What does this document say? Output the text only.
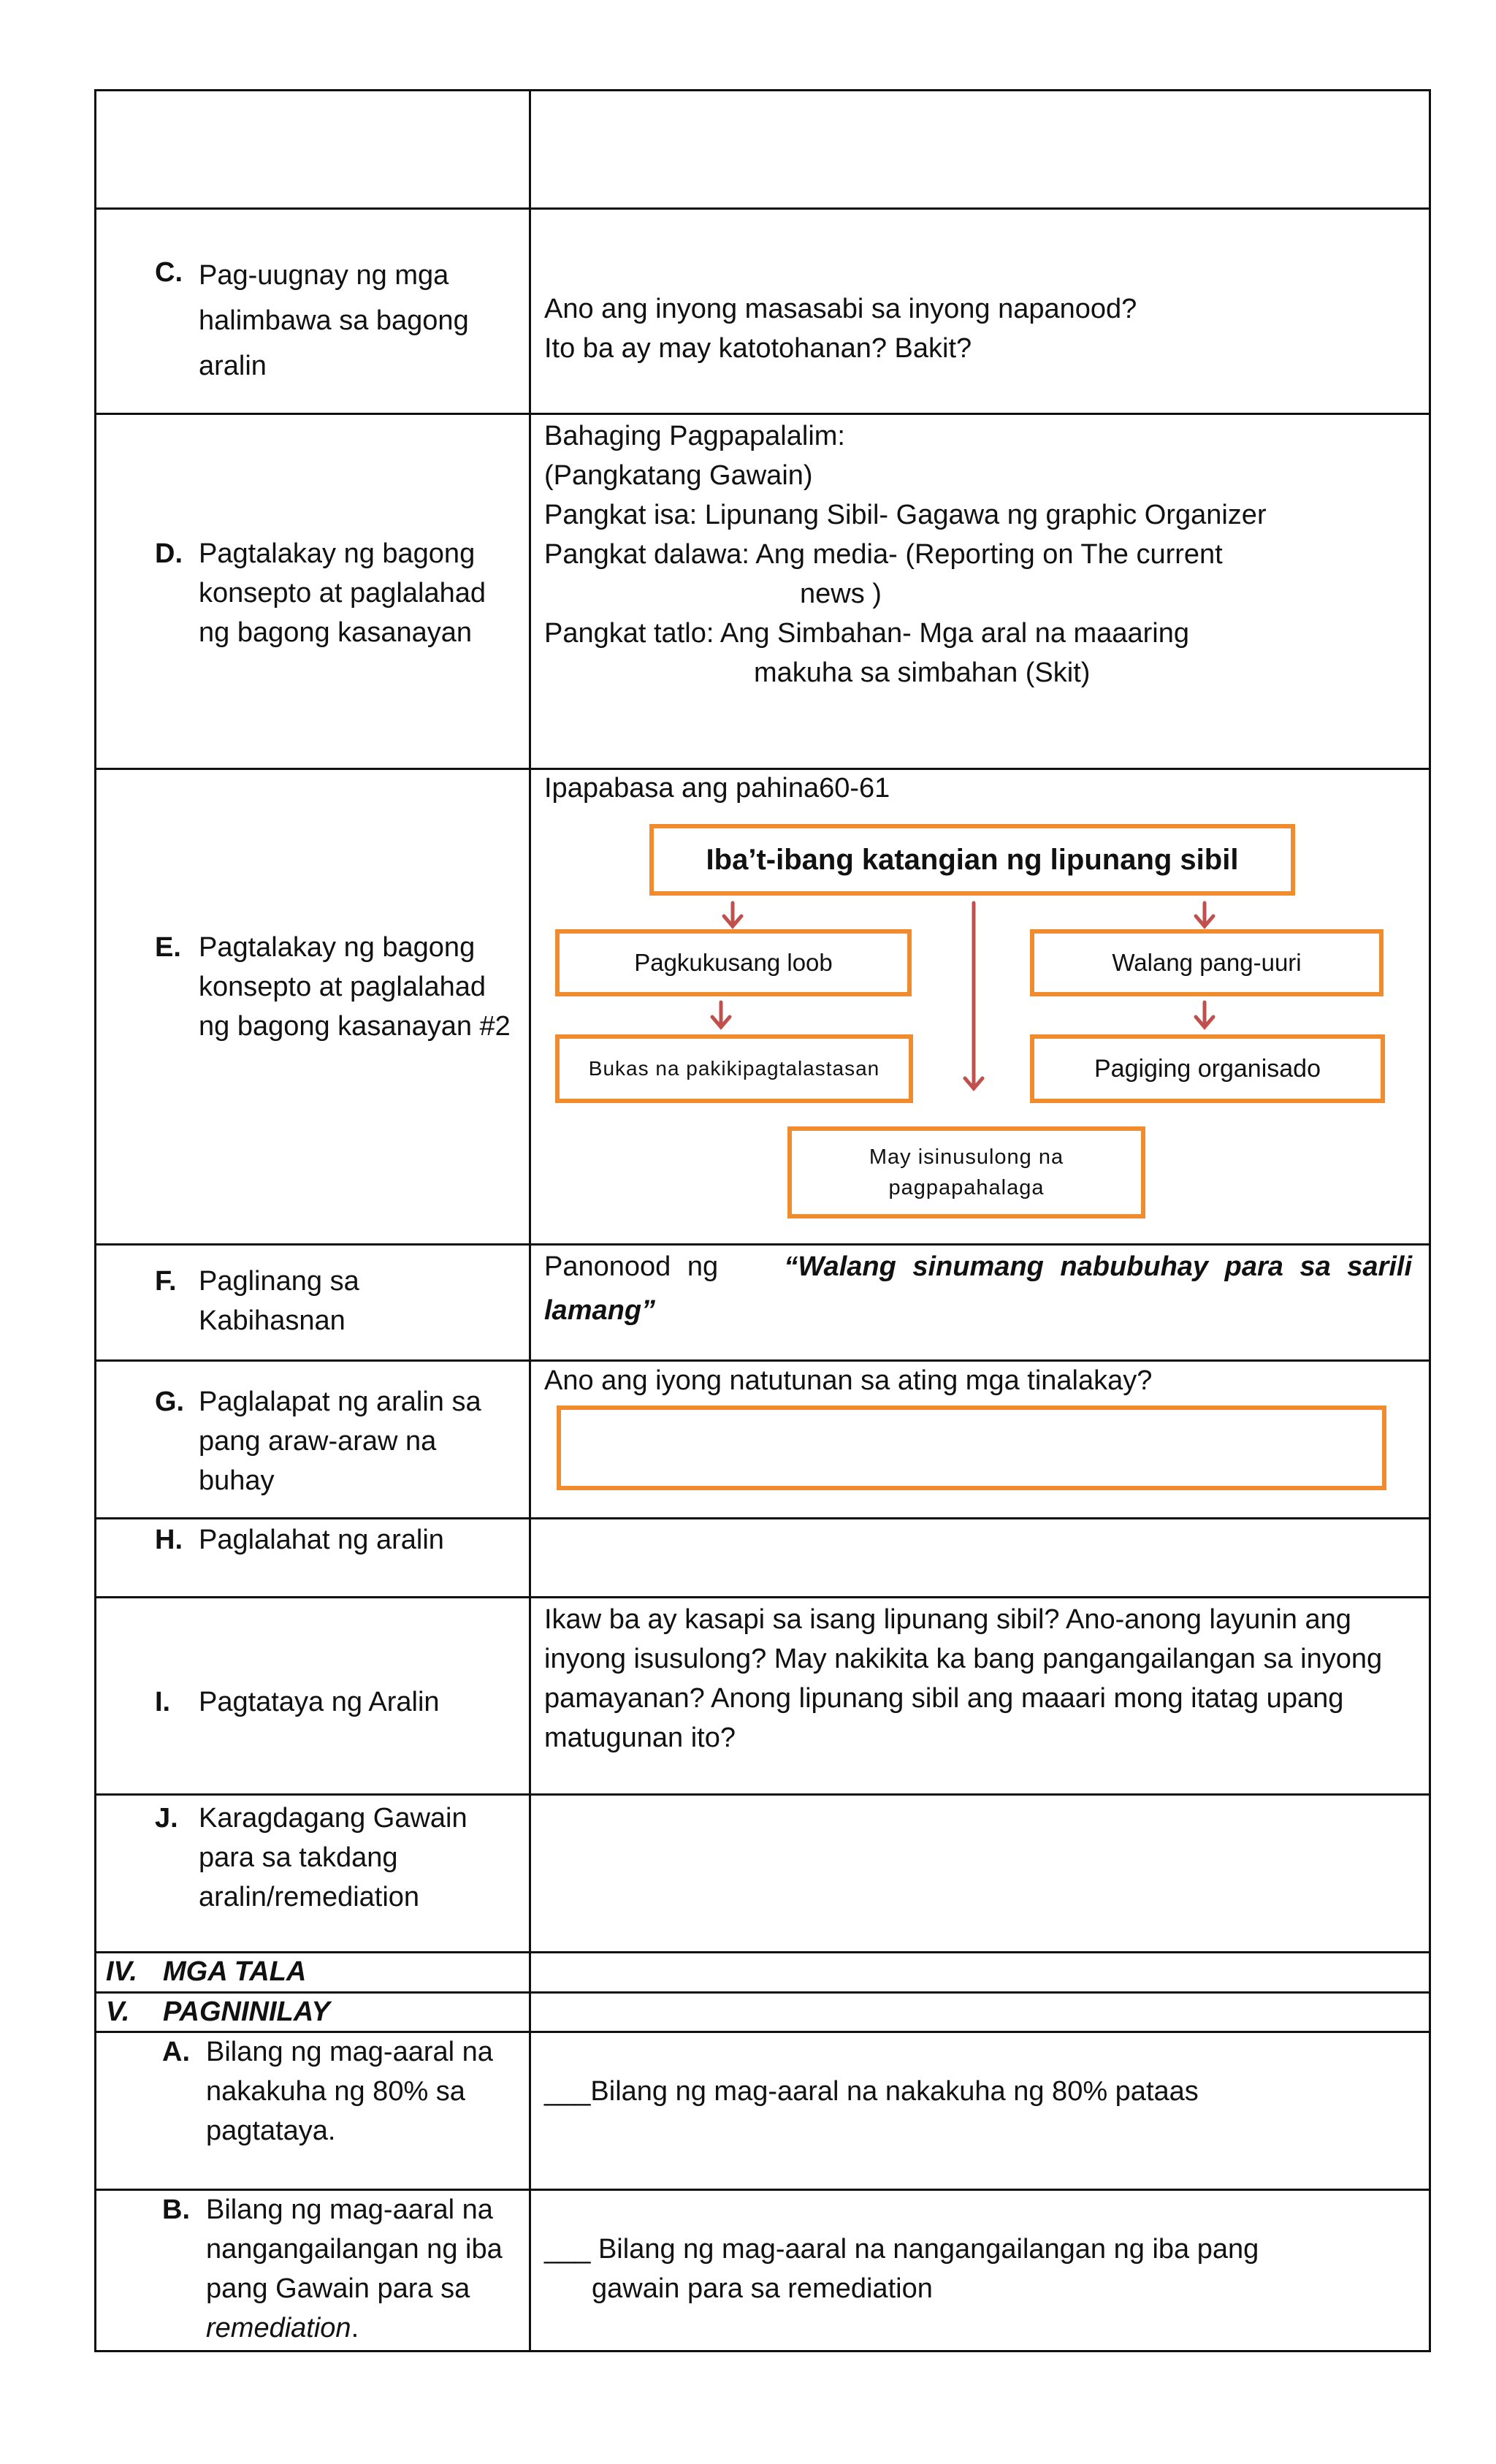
C. Pag-uugnay ng mga halimbawa sa bagong aralin
Ano ang inyong masasabi sa inyong napanood?
Ito ba ay may katotohanan? Bakit?
D. Pagtalakay ng bagong konsepto at paglalahad ng bagong kasanayan
Bahaging Pagpapalalim:
(Pangkatang Gawain)
Pangkat isa: Lipunang Sibil- Gagawa ng graphic Organizer
Pangkat dalawa: Ang media- (Reporting on The current
news )
Pangkat tatlo: Ang Simbahan- Mga aral na maaaring
makuha sa simbahan (Skit)
E. Pagtalakay ng bagong konsepto at paglalahad ng bagong kasanayan #2
Ipapabasa ang pahina60-61
Iba’t-ibang katangian ng lipunang sibil
Pagkukusang loob	Walang pang-uuri
Bukas na pakikipagtalastasan	Pagiging organisado
May isinusulong na pagpapahalaga
F. Paglinang sa Kabihasnan
Panonood ng “Walang sinumang nabubuhay para sa sarili lamang”
G. Paglalapat ng aralin sa pang araw-araw na buhay
Ano ang iyong natutunan sa ating mga tinalakay?
H. Paglalahat ng aralin
I. Pagtataya ng Aralin
Ikaw ba ay kasapi sa isang lipunang sibil? Ano-anong layunin ang inyong isusulong? May nakikita ka bang pangangailangan sa inyong pamayanan? Anong lipunang sibil ang maaari mong itatag upang matugunan ito?
J. Karagdagang Gawain para sa takdang aralin/remediation
IV. MGA TALA
V. PAGNINILAY
A. Bilang ng mag-aaral na nakakuha ng 80% sa pagtataya.
___Bilang ng mag-aaral na nakakuha ng 80% pataas
B. Bilang ng mag-aaral na nangangailangan ng iba pang Gawain para sa remediation.
___ Bilang ng mag-aaral na nangangailangan ng iba pang
gawain para sa remediation
